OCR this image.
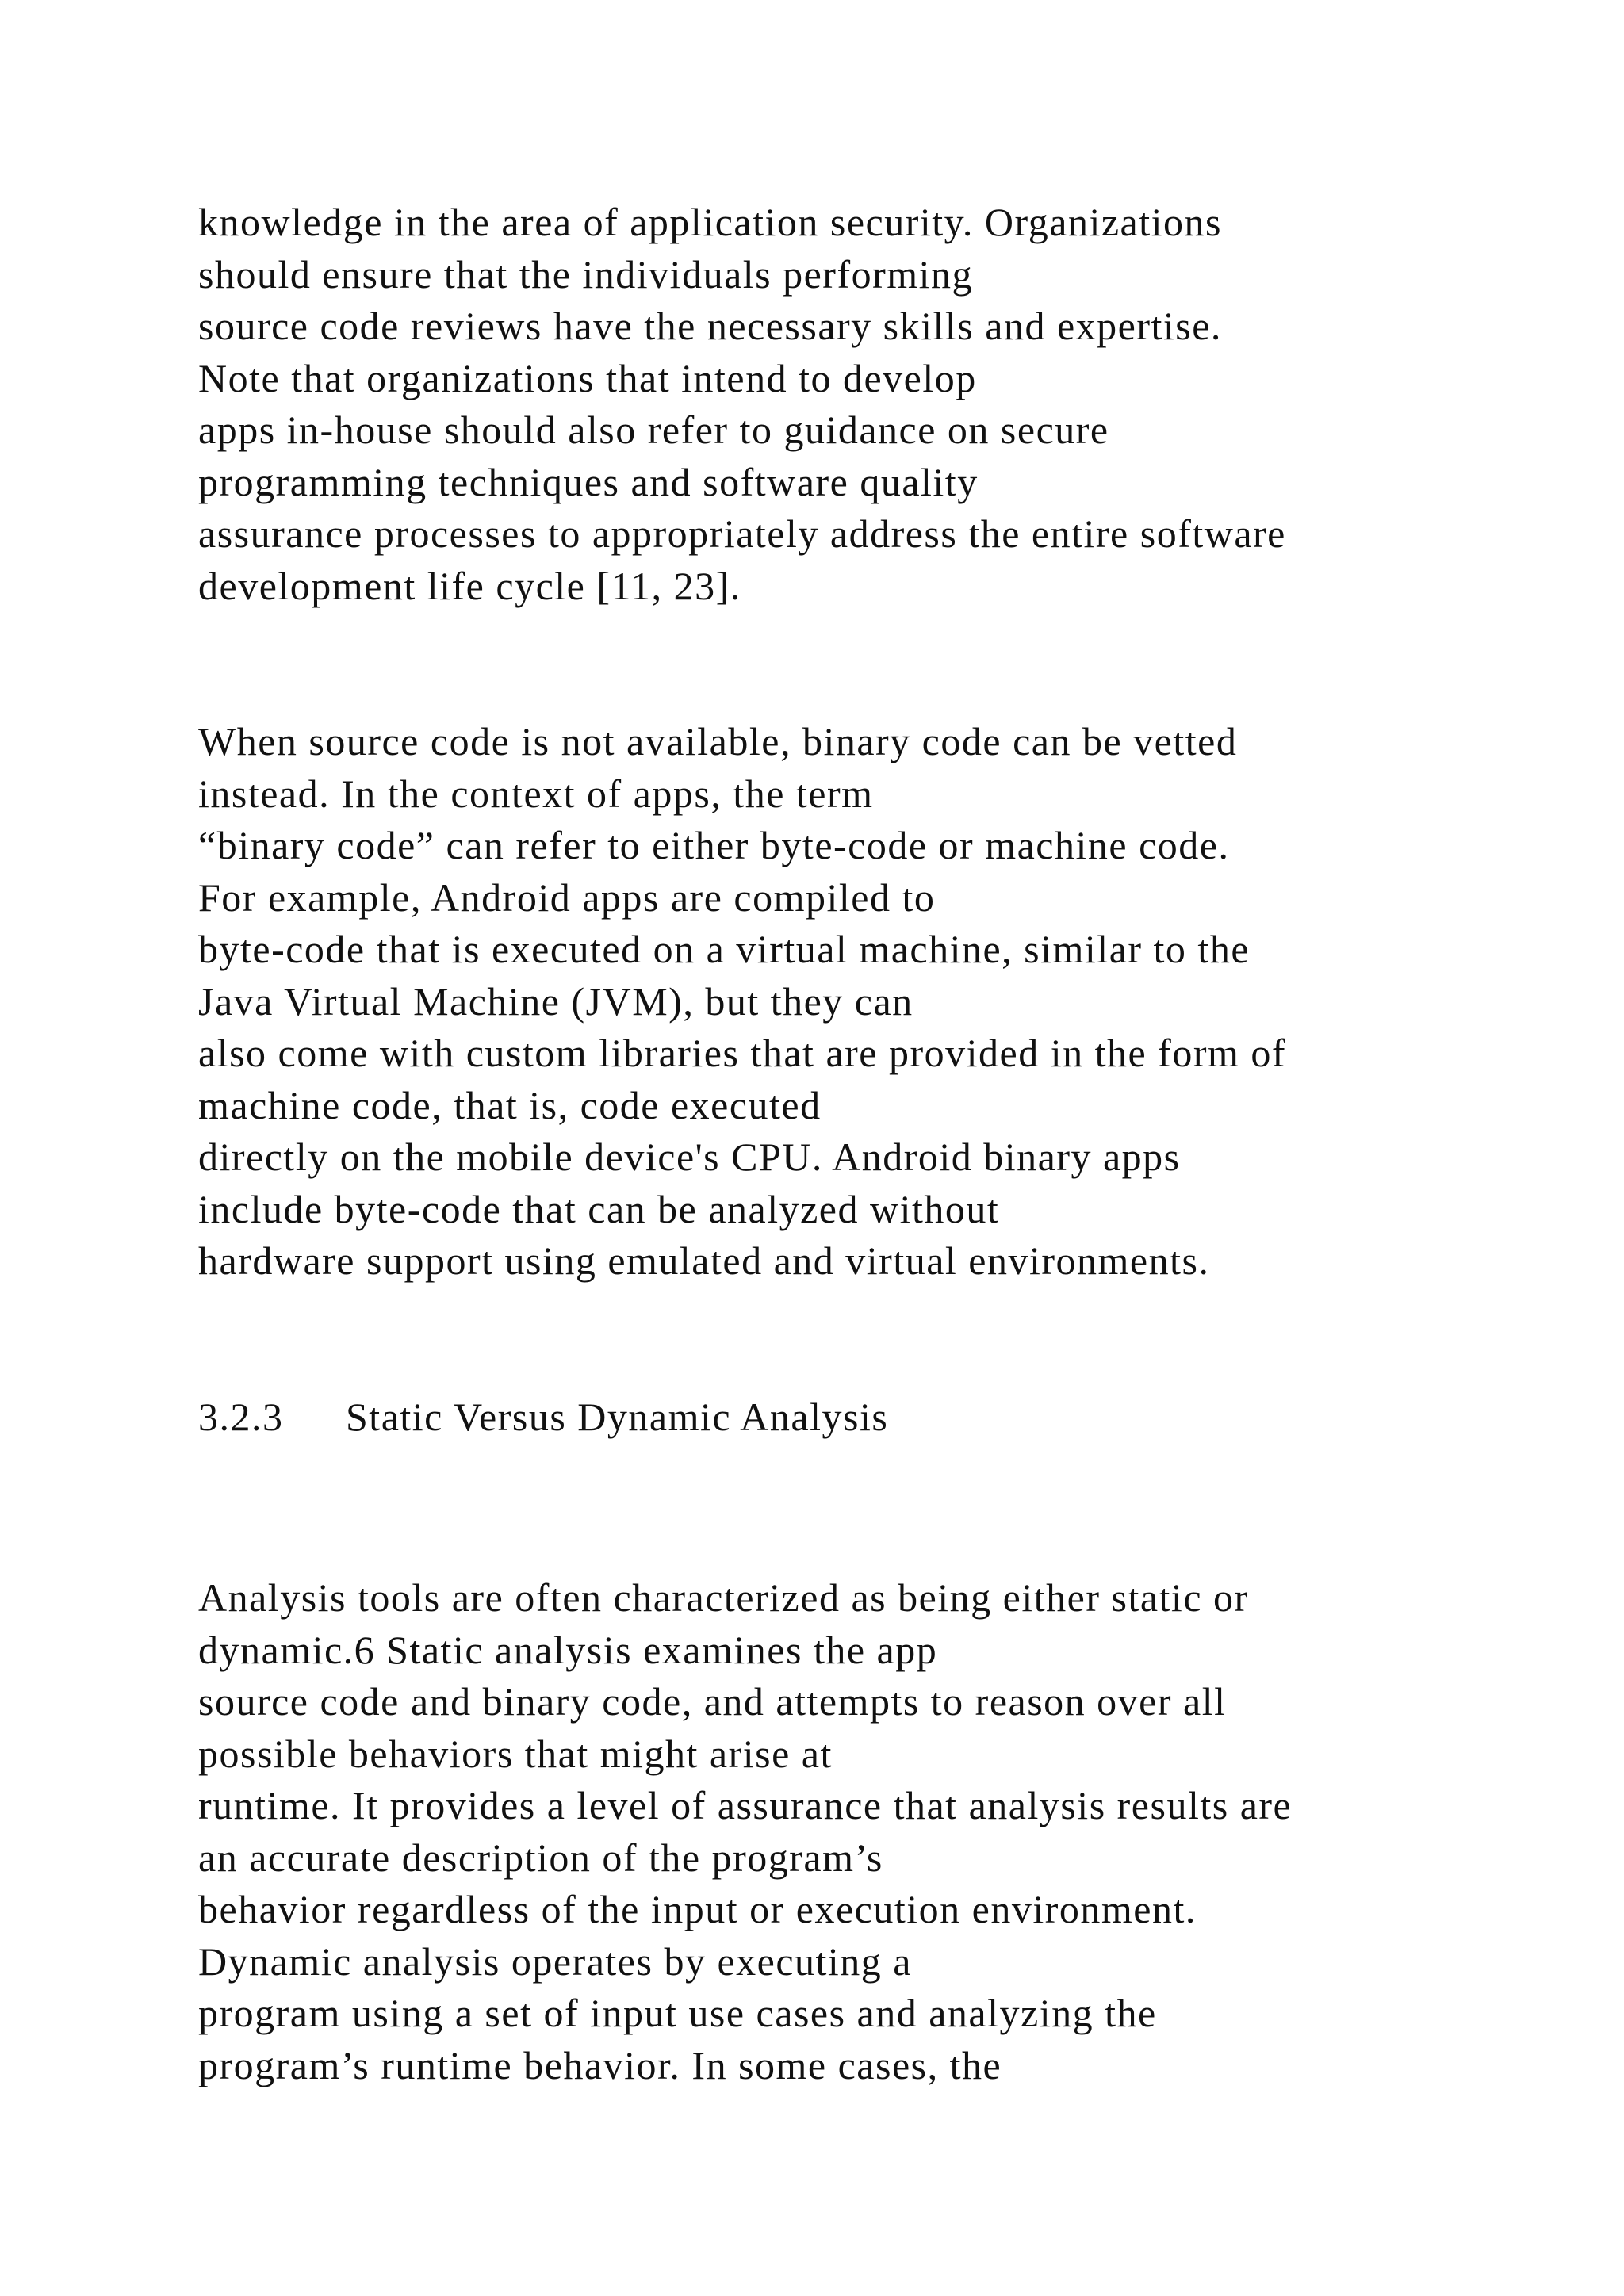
knowledge in the area of application security. Organizations
should ensure that the individuals performing
source code reviews have the necessary skills and expertise.
Note that organizations that intend to develop
apps in-house should also refer to guidance on secure
programming techniques and software quality
assurance processes to appropriately address the entire software
development life cycle [11, 23].

When source code is not available, binary code can be vetted
instead. In the context of apps, the term
“binary code” can refer to either byte-code or machine code.
For example, Android apps are compiled to
byte-code that is executed on a virtual machine, similar to the
Java Virtual Machine (JVM), but they can
also come with custom libraries that are provided in the form of
machine code, that is, code executed
directly on the mobile device's CPU. Android binary apps
include byte-code that can be analyzed without
hardware support using emulated and virtual environments.

3.2.3 Static Versus Dynamic Analysis

Analysis tools are often characterized as being either static or
dynamic.6 Static analysis examines the app
source code and binary code, and attempts to reason over all
possible behaviors that might arise at
runtime. It provides a level of assurance that analysis results are
an accurate description of the program’s
behavior regardless of the input or execution environment.
Dynamic analysis operates by executing a
program using a set of input use cases and analyzing the
program’s runtime behavior. In some cases, the
